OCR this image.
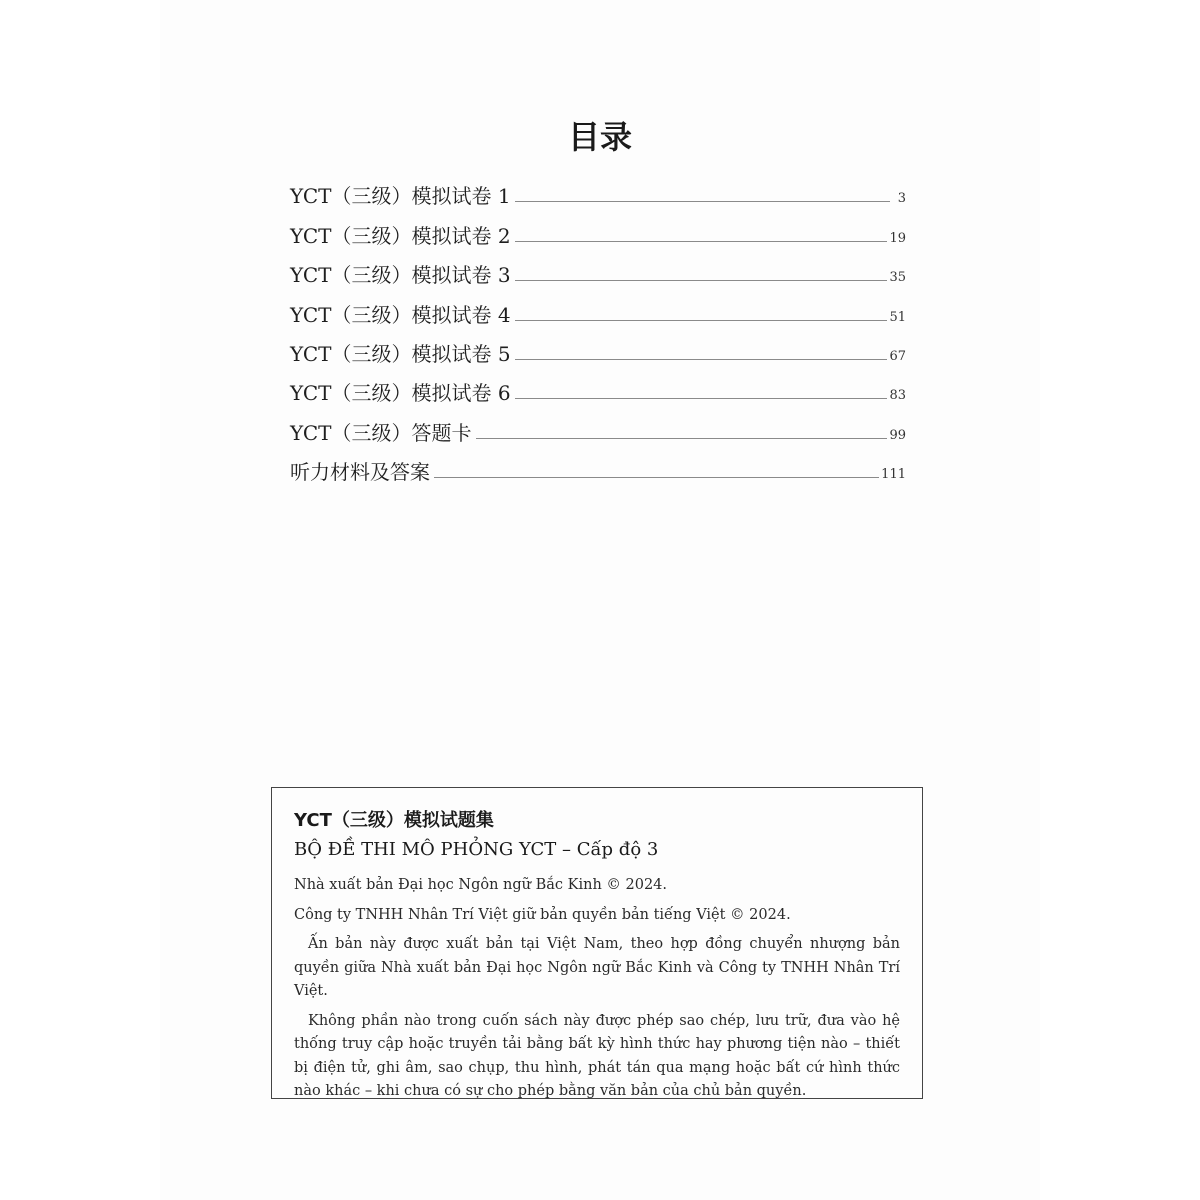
目录
YCT（三级）模拟试卷 1	3
YCT（三级）模拟试卷 2	19
YCT（三级）模拟试卷 3	35
YCT（三级）模拟试卷 4	51
YCT（三级）模拟试卷 5	67
YCT（三级）模拟试卷 6	83
YCT（三级）答题卡	99
听力材料及答案	111
YCT（三级）模拟试题集
BỘ ĐỀ THI MÔ PHỎNG YCT – Cấp độ 3
Nhà xuất bản Đại học Ngôn ngữ Bắc Kinh © 2024.
Công ty TNHH Nhân Trí Việt giữ bản quyền bản tiếng Việt © 2024.
Ấn bản này được xuất bản tại Việt Nam, theo hợp đồng chuyển nhượng bản quyền giữa Nhà xuất bản Đại học Ngôn ngữ Bắc Kinh và Công ty TNHH Nhân Trí Việt.
Không phần nào trong cuốn sách này được phép sao chép, lưu trữ, đưa vào hệ thống truy cập hoặc truyền tải bằng bất kỳ hình thức hay phương tiện nào – thiết bị điện tử, ghi âm, sao chụp, thu hình, phát tán qua mạng hoặc bất cứ hình thức nào khác – khi chưa có sự cho phép bằng văn bản của chủ bản quyền.
